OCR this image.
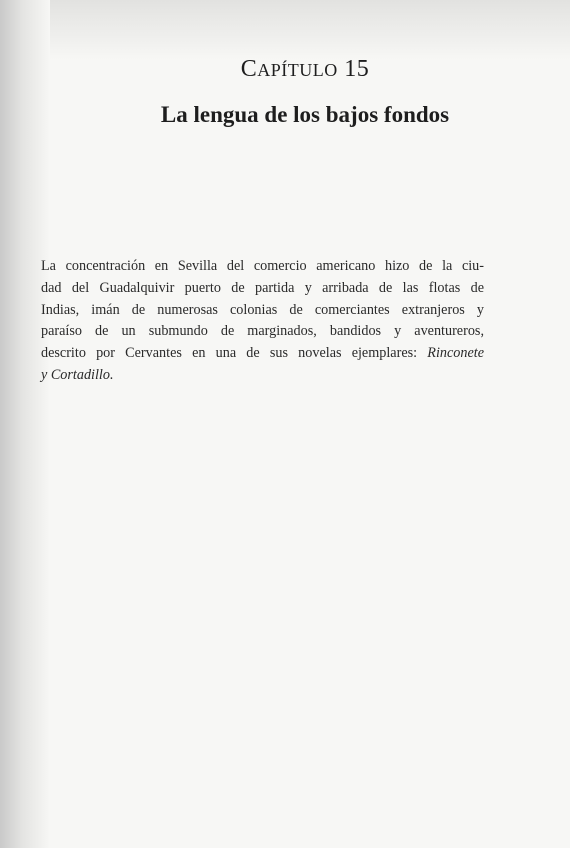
CAPÍTULO 15
La lengua de los bajos fondos
La concentración en Sevilla del comercio americano hizo de la ciu-
dad del Guadalquivir puerto de partida y arribada de las flotas de
Indias, imán de numerosas colonias de comerciantes extranjeros y
paraíso de un submundo de marginados, bandidos y aventureros,
descrito por Cervantes en una de sus novelas ejemplares: Rinconete
y Cortadillo.
